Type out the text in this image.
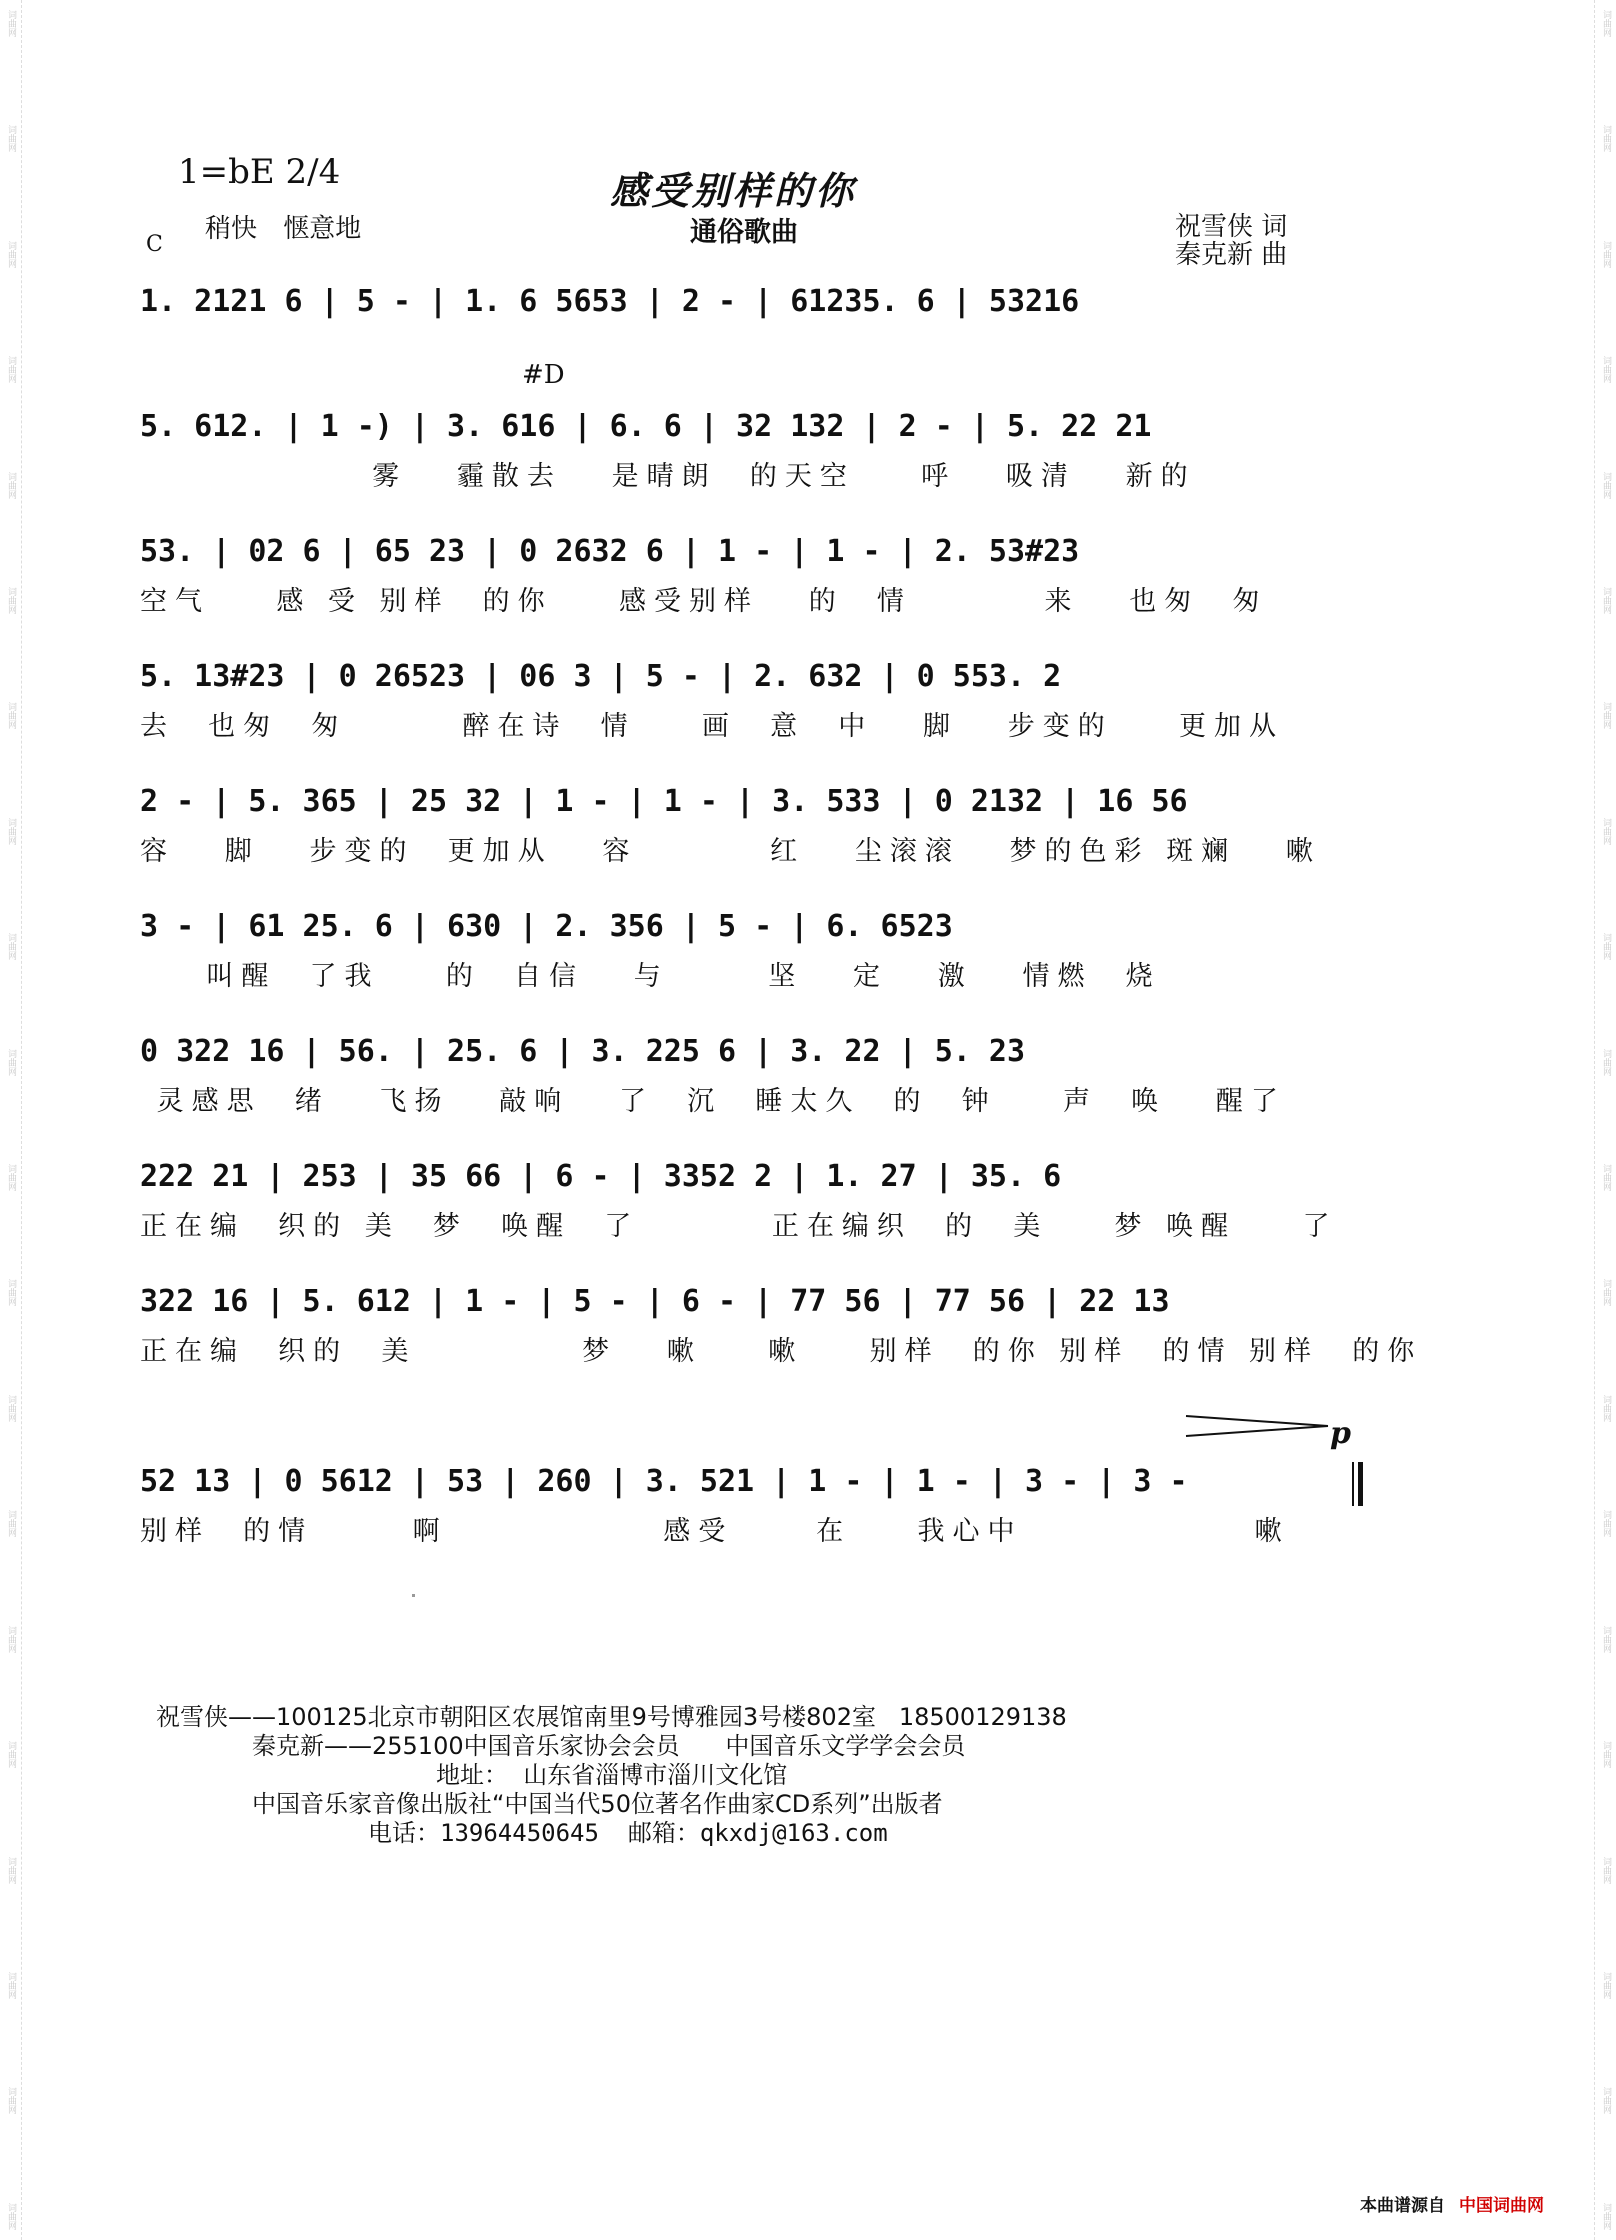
词曲网
词曲网
词曲网
词曲网
词曲网
词曲网
词曲网
词曲网
词曲网
词曲网
词曲网
词曲网
词曲网
词曲网
词曲网
词曲网
词曲网
词曲网
词曲网
词曲网
词曲网
词曲网
词曲网
词曲网
词曲网
词曲网
词曲网
词曲网
词曲网
词曲网
词曲网
词曲网
词曲网
词曲网
词曲网
词曲网
词曲网
词曲网
词曲网
词曲网
1=bE 2/4	感受别样的你
稍快 惬意地	通俗歌曲	祝雪侠 词
秦克新 曲
C
#D
1. 2121 6 | 5 - | 1. 6 5653 | 2 - | 61235. 6 | 53216
5. 612. | 1 -) | 3. 616 | 6. 6 | 32 132 | 2 - | 5. 22 21
雾   霾散去   是晴朗  的天空    呼   吸清   新的
53. | 02 6 | 65 23 | 0 2632 6 | 1 - | 1 - | 2. 53#23
空气    感 受 别样  的你    感受别样   的  情        来   也匆  匆
5. 13#23 | 0 26523 | 06 3 | 5 - | 2. 632 | 0 553. 2
去  也匆  匆       醉在诗  情    画  意  中   脚   步变的    更加从
2 - | 5. 365 | 25 32 | 1 - | 1 - | 3. 533 | 0 2132 | 16 56
容   脚   步变的  更加从   容        红   尘滚滚   梦的色彩 斑斓   嗽
3 - | 61 25. 6 | 630 | 2. 356 | 5 - | 6. 6523
叫醒  了我    的  自信   与      坚   定   激   情燃  烧
0 322 16 | 56. | 25. 6 | 3. 225 6 | 3. 22 | 5. 23
灵感思  绪   飞扬   敲响   了  沉  睡太久  的  钟    声  唤   醒了
222 21 | 253 | 35 66 | 6 - | 3352 2 | 1. 27 | 35. 6
正在编  织的 美  梦  唤醒  了        正在编织  的  美    梦 唤醒    了
322 16 | 5. 612 | 1 - | 5 - | 6 - | 77 56 | 77 56 | 22 13
正在编  织的  美          梦   嗽    嗽    别样  的你 别样  的情 别样  的你
52 13 | 0 5612 | 53 | 260 | 3. 521 | 1 - | 1 - | 3 - | 3 -
别样  的情      啊             感受     在    我心中              嗽
p
祝雪侠——100125北京市朝阳区农展馆南里9号博雅园3号楼802室   18500129138
秦克新——255100中国音乐家协会会员      中国音乐文学学会会员
地址：  山东省淄博市淄川文化馆
中国音乐家音像出版社“中国当代50位著名作曲家CD系列”出版者
电话：13964450645  邮箱：qkxdj@163.com
本曲谱源自 中国词曲网
